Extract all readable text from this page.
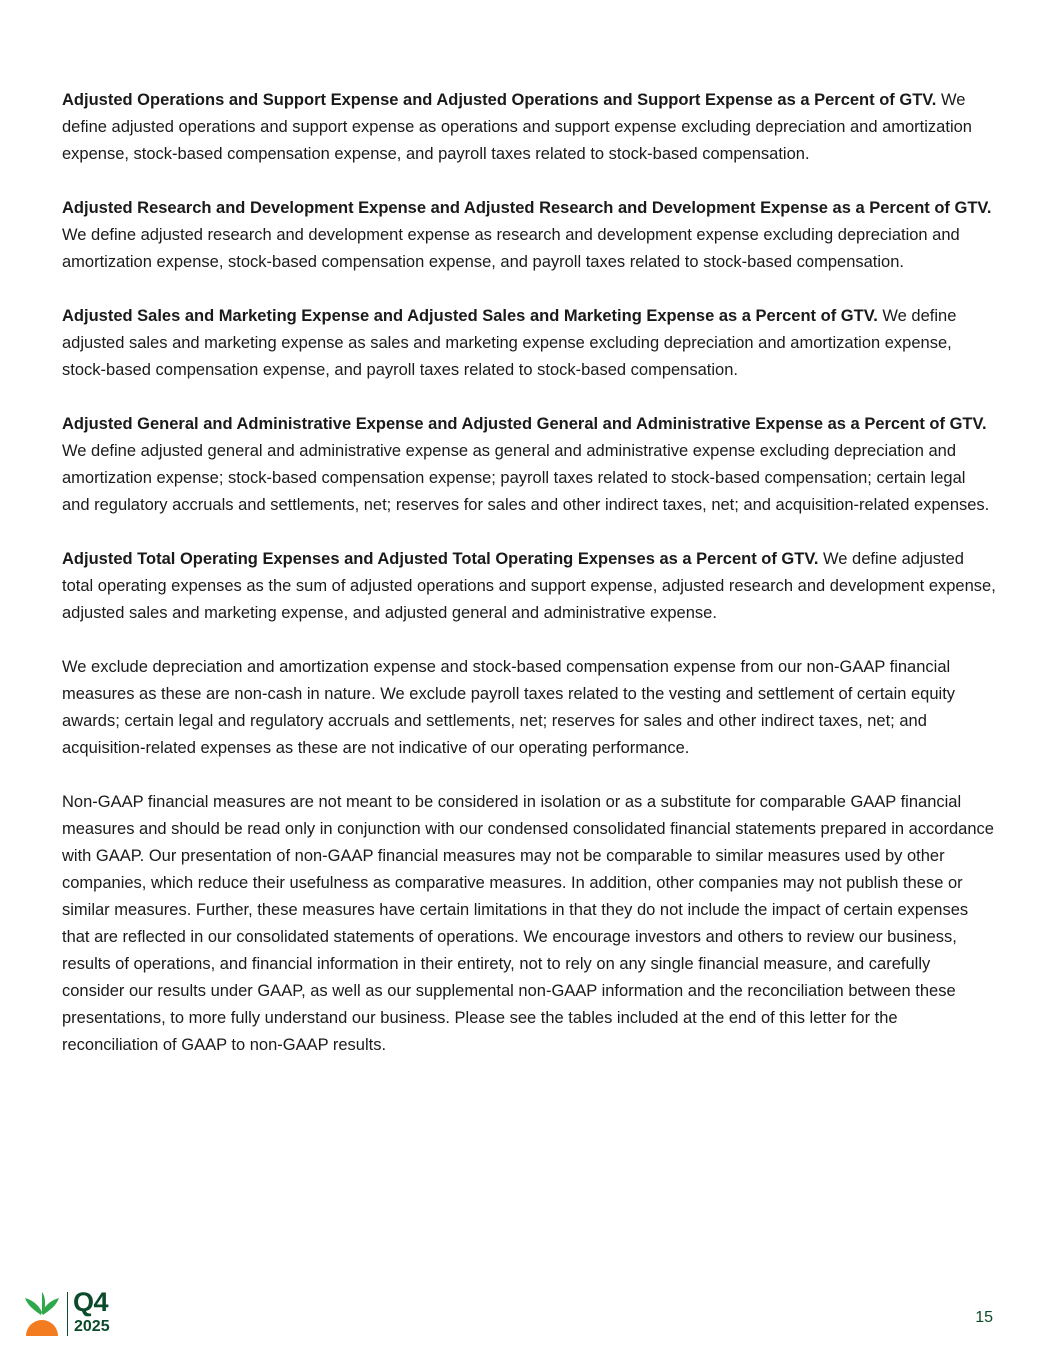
Adjusted Operations and Support Expense and Adjusted Operations and Support Expense as a Percent of GTV. We define adjusted operations and support expense as operations and support expense excluding depreciation and amortization expense, stock-based compensation expense, and payroll taxes related to stock-based compensation.

Adjusted Research and Development Expense and Adjusted Research and Development Expense as a Percent of GTV. We define adjusted research and development expense as research and development expense excluding depreciation and amortization expense, stock-based compensation expense, and payroll taxes related to stock-based compensation.

Adjusted Sales and Marketing Expense and Adjusted Sales and Marketing Expense as a Percent of GTV. We define adjusted sales and marketing expense as sales and marketing expense excluding depreciation and amortization expense, stock-based compensation expense, and payroll taxes related to stock-based compensation.

Adjusted General and Administrative Expense and Adjusted General and Administrative Expense as a Percent of GTV. We define adjusted general and administrative expense as general and administrative expense excluding depreciation and amortization expense; stock-based compensation expense; payroll taxes related to stock-based compensation; certain legal and regulatory accruals and settlements, net; reserves for sales and other indirect taxes, net; and acquisition-related expenses.

Adjusted Total Operating Expenses and Adjusted Total Operating Expenses as a Percent of GTV. We define adjusted total operating expenses as the sum of adjusted operations and support expense, adjusted research and development expense, adjusted sales and marketing expense, and adjusted general and administrative expense.

We exclude depreciation and amortization expense and stock-based compensation expense from our non-GAAP financial measures as these are non-cash in nature. We exclude payroll taxes related to the vesting and settlement of certain equity awards; certain legal and regulatory accruals and settlements, net; reserves for sales and other indirect taxes, net; and acquisition-related expenses as these are not indicative of our operating performance.

Non-GAAP financial measures are not meant to be considered in isolation or as a substitute for comparable GAAP financial measures and should be read only in conjunction with our condensed consolidated financial statements prepared in accordance with GAAP. Our presentation of non-GAAP financial measures may not be comparable to similar measures used by other companies, which reduce their usefulness as comparative measures. In addition, other companies may not publish these or similar measures. Further, these measures have certain limitations in that they do not include the impact of certain expenses that are reflected in our consolidated statements of operations. We encourage investors and others to review our business, results of operations, and financial information in their entirety, not to rely on any single financial measure, and carefully consider our results under GAAP, as well as our supplemental non-GAAP information and the reconciliation between these presentations, to more fully understand our business. Please see the tables included at the end of this letter for the reconciliation of GAAP to non-GAAP results.

Q4
2025
15
